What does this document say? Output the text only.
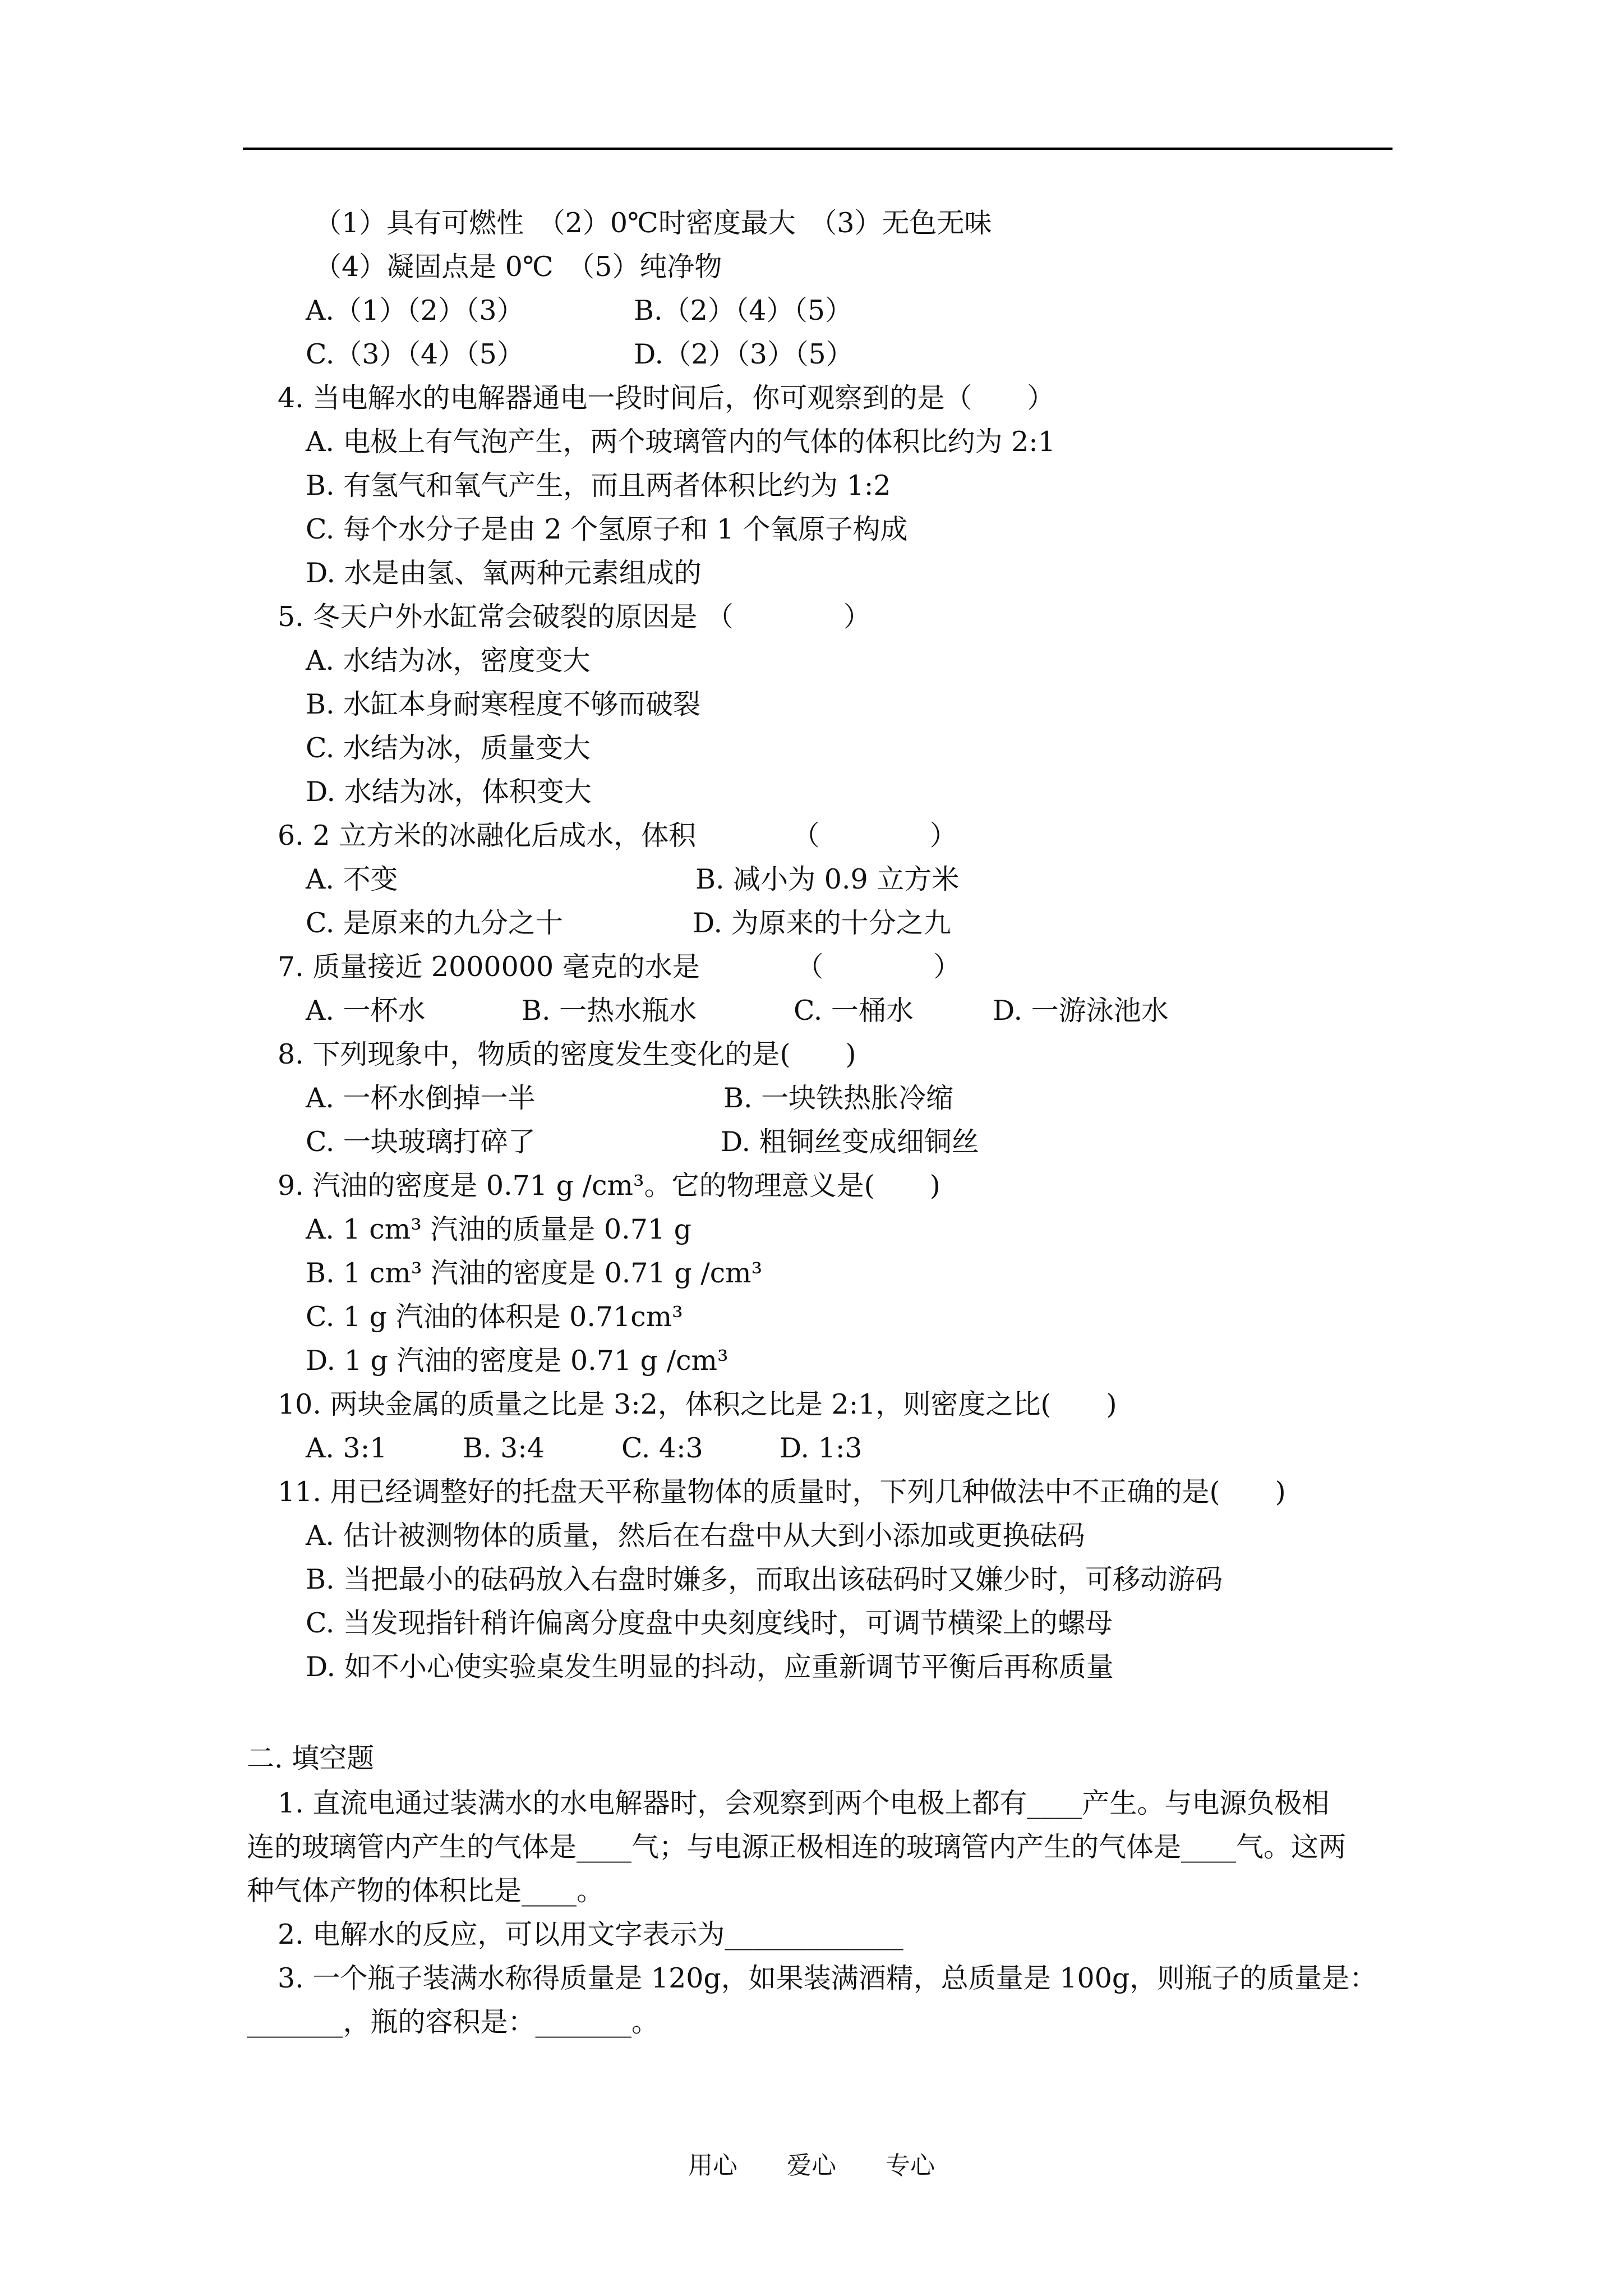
（1）具有可燃性　（2）0℃时密度最大　（3）无色无味
（4）凝固点是 0℃　（5）纯净物
A.（1）（2）（3）	B.（2）（4）（5）
C.（3）（4）（5）	D.（2）（3）（5）
4. 当电解水的电解器通电一段时间后，你可观察到的是（　　）
A. 电极上有气泡产生，两个玻璃管内的气体的体积比约为 2:1
B. 有氢气和氧气产生，而且两者体积比约为 1:2
C. 每个水分子是由 2 个氢原子和 1 个氧原子构成
D. 水是由氢、氧两种元素组成的
5. 冬天户外水缸常会破裂的原因是 （　　　　）
A. 水结为冰，密度变大
B. 水缸本身耐寒程度不够而破裂
C. 水结为冰，质量变大
D. 水结为冰，体积变大
6. 2 立方米的冰融化后成水，体积　　　　（　　　　）
A. 不变	B. 减小为 0.9 立方米
C. 是原来的九分之十	D. 为原来的十分之九
7. 质量接近 2000000 毫克的水是　　　　（　　　　）
A. 一杯水	B. 一热水瓶水	C. 一桶水	D. 一游泳池水
8. 下列现象中，物质的密度发生变化的是(　　)
A. 一杯水倒掉一半	B. 一块铁热胀冷缩
C. 一块玻璃打碎了	D. 粗铜丝变成细铜丝
9. 汽油的密度是 0.71 g /cm³。它的物理意义是(　　)
A. 1 cm³ 汽油的质量是 0.71 g
B. 1 cm³ 汽油的密度是 0.71 g /cm³
C. 1 g 汽油的体积是 0.71cm³
D. 1 g 汽油的密度是 0.71 g /cm³
10. 两块金属的质量之比是 3:2，体积之比是 2:1，则密度之比(　　)
A. 3:1	B. 3:4	C. 4:3	D. 1:3
11. 用已经调整好的托盘天平称量物体的质量时，下列几种做法中不正确的是(　　)
A. 估计被测物体的质量，然后在右盘中从大到小添加或更换砝码
B. 当把最小的砝码放入右盘时嫌多，而取出该砝码时又嫌少时，可移动游码
C. 当发现指针稍许偏离分度盘中央刻度线时，可调节横梁上的螺母
D. 如不小心使实验桌发生明显的抖动，应重新调节平衡后再称质量
二. 填空题
1. 直流电通过装满水的水电解器时，会观察到两个电极上都有____产生。与电源负极相
连的玻璃管内产生的气体是____气；与电源正极相连的玻璃管内产生的气体是____气。这两
种气体产物的体积比是____。
2. 电解水的反应，可以用文字表示为_____________
3. 一个瓶子装满水称得质量是 120g，如果装满酒精，总质量是 100g，则瓶子的质量是：
_______，瓶的容积是：_______。
用心　　爱心　　专心
